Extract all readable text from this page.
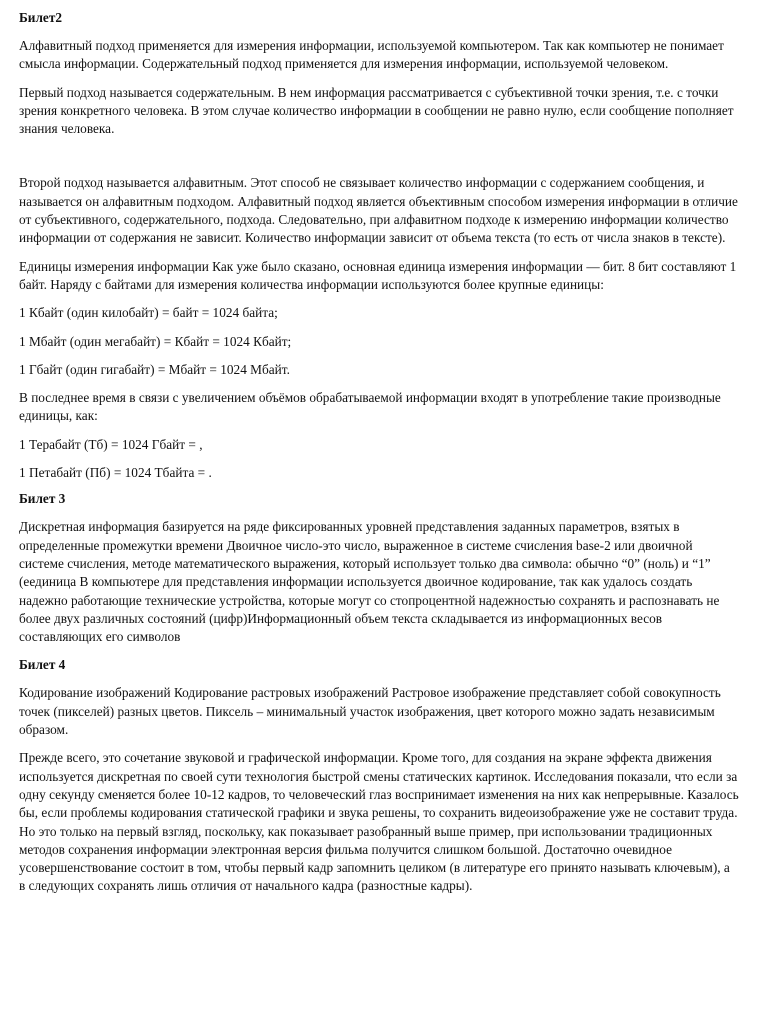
Билет2

Алфавитный подход применяется для измерения информации, используемой компьютером. Так как компьютер не понимает смысла информации. Содержательный подход применяется для измерения информации, используемой человеком.

Первый подход называется содержательным. В нем информация рассматривается с субъективной точки зрения, т.е. с точки зрения конкретного человека. В этом случае количество информации в сообщении не равно нулю, если сообщение пополняет знания человека.

Второй подход называется алфавитным. Этот способ не связывает количество информации с содержанием сообщения, и называется он алфавитным подходом. Алфавитный подход является объективным способом измерения информации в отличие от субъективного, содержательного, подхода. Следовательно, при алфавитном подходе к измерению информации количество информации от содержания не зависит. Количество информации зависит от объема текста (то есть от числа знаков в тексте).

Единицы измерения информации Как уже было сказано, основная единица измерения информации — бит. 8 бит составляют 1 байт. Наряду с байтами для измерения количества информации используются более крупные единицы:

1 Кбайт (один килобайт) = байт = 1024 байта;

1 Мбайт (один мегабайт) = Кбайт = 1024 Кбайт;

1 Гбайт (один гигабайт) = Мбайт = 1024 Мбайт.

В последнее время в связи с увеличением объёмов обрабатываемой информации входят в употребление такие производные единицы, как:

1 Терабайт (Тб) = 1024 Гбайт = ,

1 Петабайт (Пб) = 1024 Тбайта = .

Билет 3

Дискретная информация базируется на ряде фиксированных уровней представления заданных параметров, взятых в определенные промежутки времени Двоичное число-это число, выраженное в системе счисления base-2 или двоичной системе счисления, методе математического выражения, который использует только два символа: обычно “0” (ноль) и “1” (еединица В компьютере для представления информации используется двоичное кодирование, так как удалось создать надежно работающие технические устройства, которые могут со стопроцентной надежностью сохранять и распознавать не более двух различных состояний (цифр)Информационный объем текста складывается из информационных весов составляющих его символов

Билет 4

Кодирование изображений Кодирование растровых изображений Растровое изображение представляет собой совокупность точек (пикселей) разных цветов. Пиксель – минимальный участок изображения, цвет которого можно задать независимым образом.

Прежде всего, это сочетание звуковой и графической информации. Кроме того, для создания на экране эффекта движения используется дискретная по своей сути технология быстрой смены статических картинок. Исследования показали, что если за одну секунду сменяется более 10-12 кадров, то человеческий глаз воспринимает изменения на них как непрерывные. Казалось бы, если проблемы кодирования статической графики и звука решены, то сохранить видеоизображение уже не составит труда. Но это только на первый взгляд, поскольку, как показывает разобранный выше пример, при использовании традиционных методов сохранения информации электронная версия фильма получится слишком большой. Достаточно очевидное усовершенствование состоит в том, чтобы первый кадр запомнить целиком (в литературе его принято называть ключевым), а в следующих сохранять лишь отличия от начального кадра (разностные кадры).
